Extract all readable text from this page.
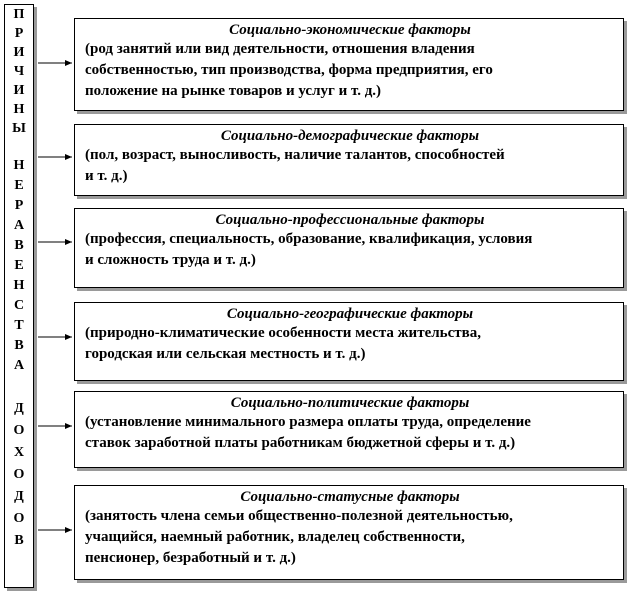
П
Р
И
Ч
И
Н
Ы
Н
Е
Р
А
В
Е
Н
С
Т
В
А
Д
О
Х
О
Д
О
В
Социально-экономические факторы
(род занятий или вид деятельности, отношения владения
собственностью, тип производства, форма предприятия, его
положение на рынке товаров и услуг и т. д.)
Социально-демографические факторы
(пол, возраст, выносливость, наличие талантов, способностей
и т. д.)
Социально-профессиональные факторы
(профессия, специальность, образование, квалификация, условия
и сложность труда и т. д.)
Социально-географические факторы
(природно-климатические особенности места жительства,
городская или сельская местность и т. д.)
Социально-политические факторы
(установление минимального размера оплаты труда, определение
ставок заработной платы работникам бюджетной сферы и т. д.)
Социально-статусные факторы
(занятость члена семьи общественно-полезной деятельностью,
учащийся, наемный работник, владелец собственности,
пенсионер, безработный и т. д.)
